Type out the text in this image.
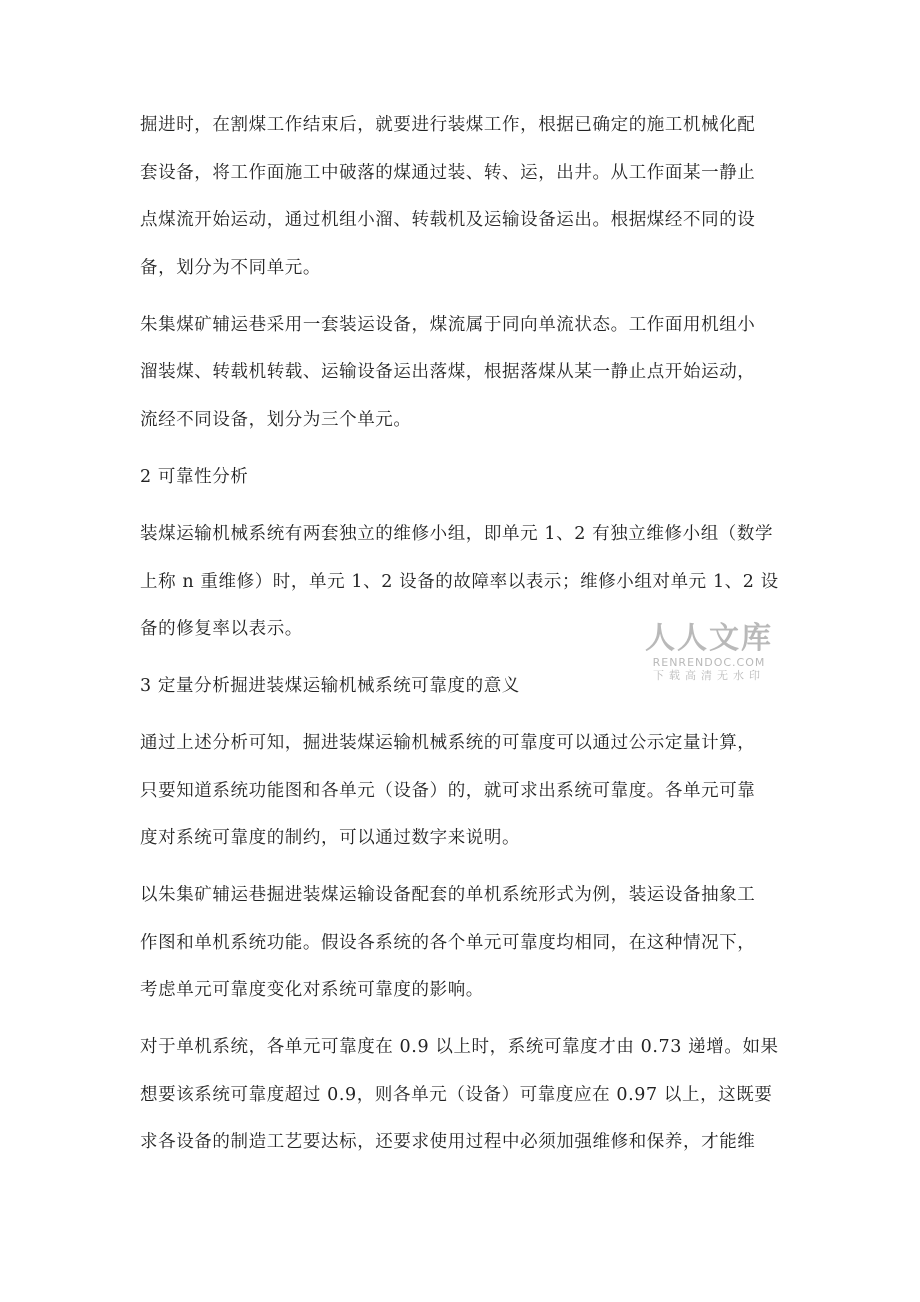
掘进时，在割煤工作结束后，就要进行装煤工作，根据已确定的施工机械化配
套设备，将工作面施工中破落的煤通过装、转、运，出井。从工作面某一静止
点煤流开始运动，通过机组小溜、转载机及运输设备运出。根据煤经不同的设
备，划分为不同单元。
朱集煤矿辅运巷采用一套装运设备，煤流属于同向单流状态。工作面用机组小
溜装煤、转载机转载、运输设备运出落煤，根据落煤从某一静止点开始运动，
流经不同设备，划分为三个单元。
2 可靠性分析
装煤运输机械系统有两套独立的维修小组，即单元 1、2 有独立维修小组（数学
上称 n 重维修）时，单元 1、2 设备的故障率以表示；维修小组对单元 1、2 设
备的修复率以表示。
3 定量分析掘进装煤运输机械系统可靠度的意义
通过上述分析可知，掘进装煤运输机械系统的可靠度可以通过公示定量计算，
只要知道系统功能图和各单元（设备）的，就可求出系统可靠度。各单元可靠
度对系统可靠度的制约，可以通过数字来说明。
以朱集矿辅运巷掘进装煤运输设备配套的单机系统形式为例，装运设备抽象工
作图和单机系统功能。假设各系统的各个单元可靠度均相同，在这种情况下，
考虑单元可靠度变化对系统可靠度的影响。
对于单机系统，各单元可靠度在 0.9 以上时，系统可靠度才由 0.73 递增。如果
想要该系统可靠度超过 0.9，则各单元（设备）可靠度应在 0.97 以上，这既要
求各设备的制造工艺要达标，还要求使用过程中必须加强维修和保养，才能维
人人文库
RENRENDOC.COM
下载高清无水印
